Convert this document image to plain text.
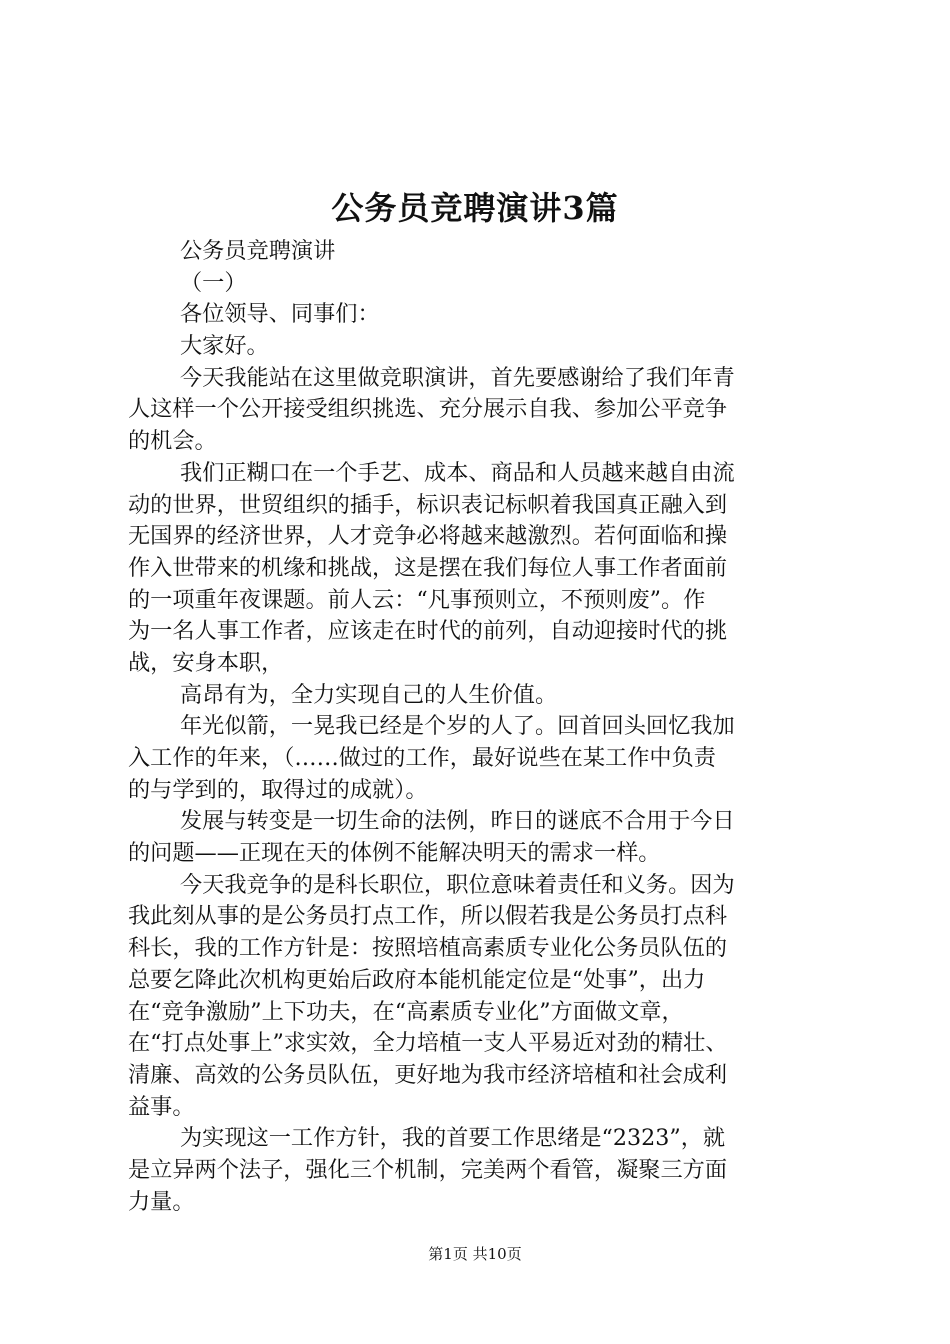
公务员竞聘演讲3篇
公务员竞聘演讲
（一）
各位领导、同事们：
大家好。
今天我能站在这里做竞职演讲，首先要感谢给了我们年青
人这样一个公开接受组织挑选、充分展示自我、参加公平竞争
的机会。
我们正糊口在一个手艺、成本、商品和人员越来越自由流
动的世界，世贸组织的插手，标识表记标帜着我国真正融入到
无国界的经济世界，人才竞争必将越来越激烈。若何面临和操
作入世带来的机缘和挑战，这是摆在我们每位人事工作者面前
的一项重年夜课题。前人云：“凡事预则立，不预则废”。作
为一名人事工作者，应该走在时代的前列，自动迎接时代的挑
战，安身本职，
高昂有为，全力实现自己的人生价值。
年光似箭，一晃我已经是个岁的人了。回首回头回忆我加
入工作的年来，（……做过的工作，最好说些在某工作中负责
的与学到的，取得过的成就）。
发展与转变是一切生命的法例，昨日的谜底不合用于今日
的问题——正现在天的体例不能解决明天的需求一样。
今天我竞争的是科长职位，职位意味着责任和义务。因为
我此刻从事的是公务员打点工作，所以假若我是公务员打点科
科长，我的工作方针是：按照培植高素质专业化公务员队伍的
总要乞降此次机构更始后政府本能机能定位是“处事”，出力
在“竞争激励”上下功夫，在“高素质专业化”方面做文章，
在“打点处事上”求实效，全力培植一支人平易近对劲的精壮、
清廉、高效的公务员队伍，更好地为我市经济培植和社会成利
益事。
为实现这一工作方针，我的首要工作思绪是“2323”，就
是立异两个法子，强化三个机制，完美两个看管，凝聚三方面
力量。
第1页 共10页
